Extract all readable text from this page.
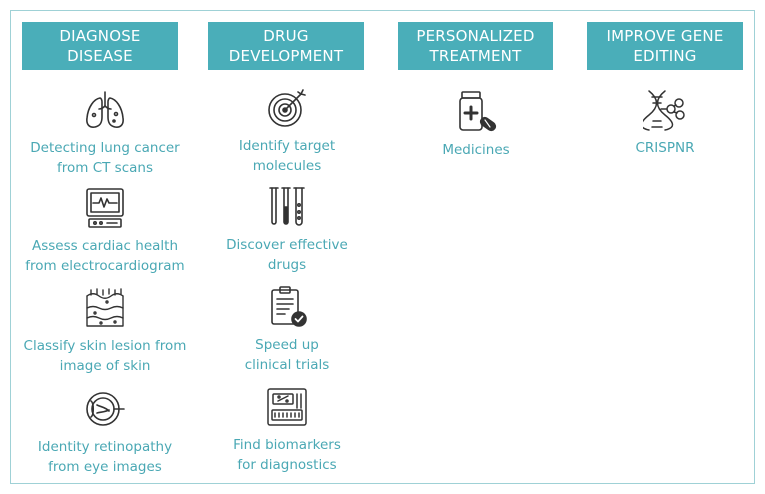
DIAGNOSE
DISEASE
DRUG
DEVELOPMENT
PERSONALIZED
TREATMENT
IMPROVE GENE
EDITING
Detecting lung cancer
from CT scans
Assess cardiac health
from electrocardiogram
Classify skin lesion from
image of skin
Identity retinopathy
from eye images
Identify target
molecules
Discover effective
drugs
Speed up
clinical trials
Find biomarkers
for diagnostics
Medicines	CRISPNR
